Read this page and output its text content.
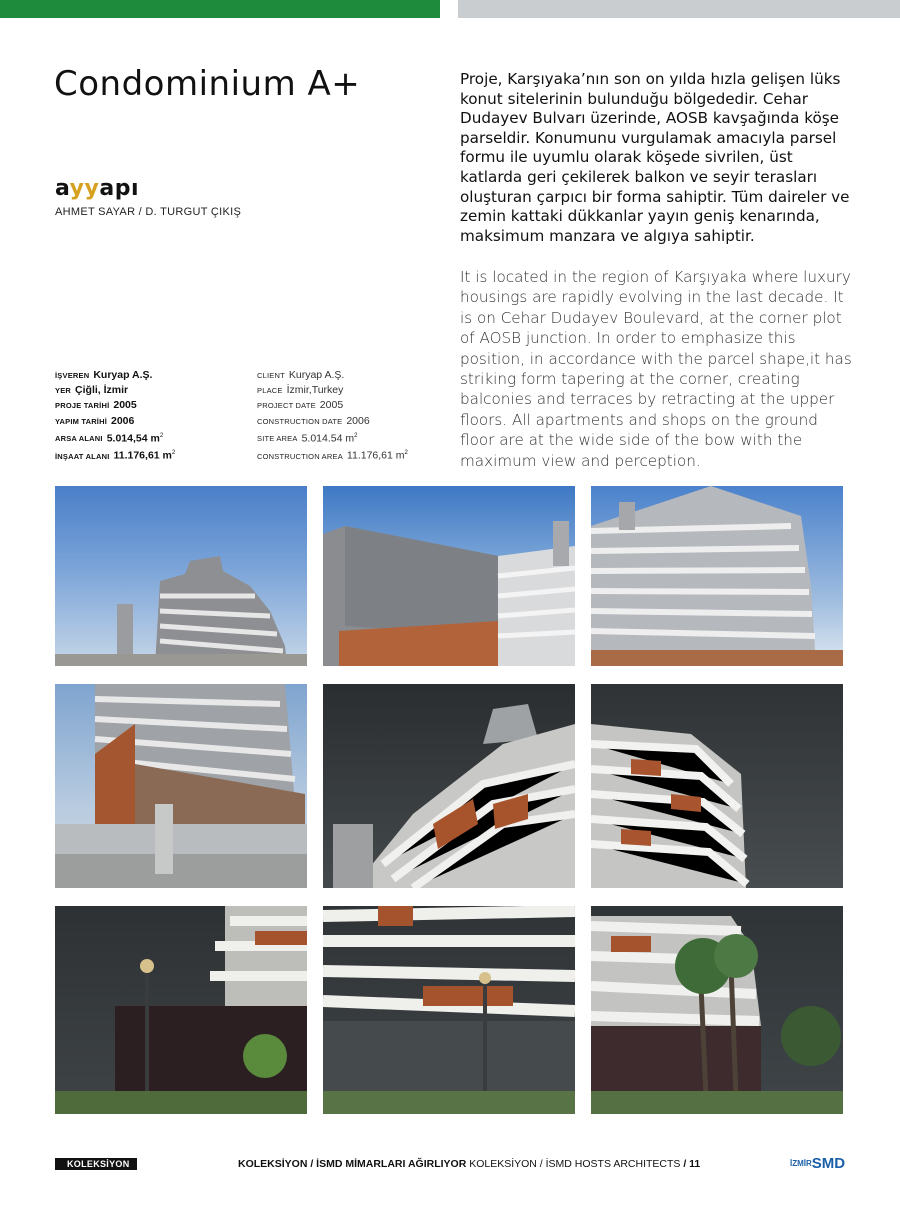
Condominium A+
ayyapı
AHMET SAYAR / D. TURGUT ÇIKIŞ

Proje, Karşıyaka’nın son on yılda hızla gelişen lüks konut sitelerinin bulunduğu bölgededir. Cehar Dudayev Bulvarı üzerinde, AOSB kavşağında köşe parseldir. Konumunu vurgulamak amacıyla parsel formu ile uyumlu olarak köşede sivrilen, üst katlarda geri çekilerek balkon ve seyir terasları oluşturan çarpıcı bir forma sahiptir. Tüm daireler ve zemin kattaki dükkanlar yayın geniş kenarında, maksimum manzara ve algıya sahiptir.

It is located in the region of Karşıyaka where luxury housings are rapidly evolving in the last decade. It is on Cehar Dudayev Boulevard, at the corner plot of AOSB junction. In order to emphasize this position, in accordance with the parcel shape,it has striking form tapering at the corner, creating balconies and terraces by retracting at the upper floors. All apartments and shops on the ground floor are at the wide side of the bow with the maximum view and perception.

İŞVEREN Kuryap A.Ş.
YER Çiğli, İzmir
PROJE TARİHİ 2005
YAPIM TARİHİ 2006
ARSA ALANI 5.014,54 $m^2$
İNŞAAT ALANI 11.176,61 $m^2$
CLIENT Kuryap A.Ş.
PLACE İzmir,Turkey
PROJECT DATE 2005
CONSTRUCTION DATE 2006
SITE AREA 5.014.54 $m^2$
CONSTRUCTION AREA 11.176,61 $m^2$
KOLEKSİYON	KOLEKSİYON / İSMD MİMARLARI AĞIRLIYOR KOLEKSİYON / İSMD HOSTS ARCHITECTS / 11	İZMİRSMD
